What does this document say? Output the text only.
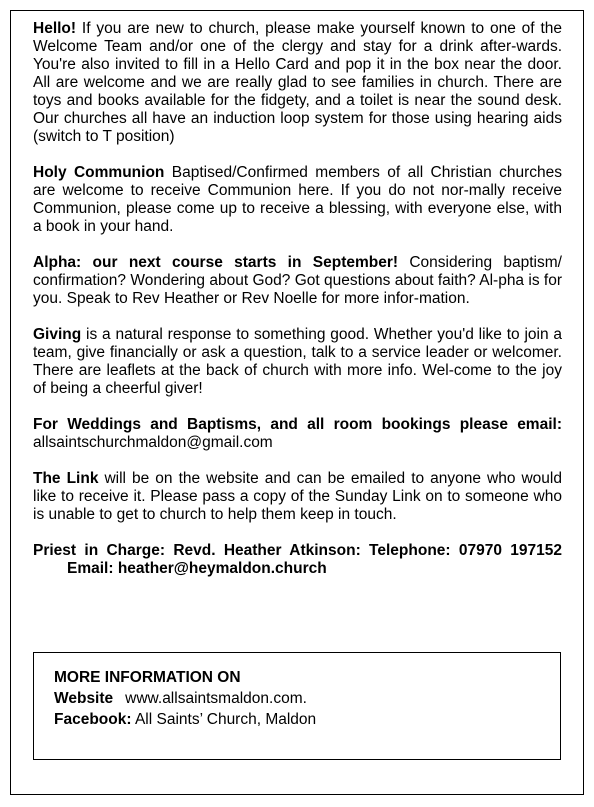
Hello! If you are new to church, please make yourself known to one of the Welcome Team and/or one of the clergy and stay for a drink after-wards. You're also invited to fill in a Hello Card and pop it in the box near the door. All are welcome and we are really glad to see families in church. There are toys and books available for the fidgety, and a toilet is near the sound desk. Our churches all have an induction loop system for those using hearing aids (switch to T position)

Holy Communion Baptised/Confirmed members of all Christian churches are welcome to receive Communion here. If you do not nor-mally receive Communion, please come up to receive a blessing, with everyone else, with a book in your hand.

Alpha: our next course starts in September! Considering baptism/ confirmation? Wondering about God? Got questions about faith? Al-pha is for you. Speak to Rev Heather or Rev Noelle for more infor-mation.

Giving is a natural response to something good. Whether you'd like to join a team, give financially or ask a question, talk to a service leader or welcomer. There are leaflets at the back of church with more info. Wel-come to the joy of being a cheerful giver!

For Weddings and Baptisms, and all room bookings please email: allsaintschurchmaldon@gmail.com

The Link will be on the website and can be emailed to anyone who would like to receive it. Please pass a copy of the Sunday Link on to someone who is unable to get to church to help them keep in touch.

Priest in Charge: Revd. Heather Atkinson: Telephone: 07970 197152Email: heather@heymaldon.church

MORE INFORMATION ON
Website www.allsaintsmaldon.com.
Facebook: All Saints’ Church, Maldon
